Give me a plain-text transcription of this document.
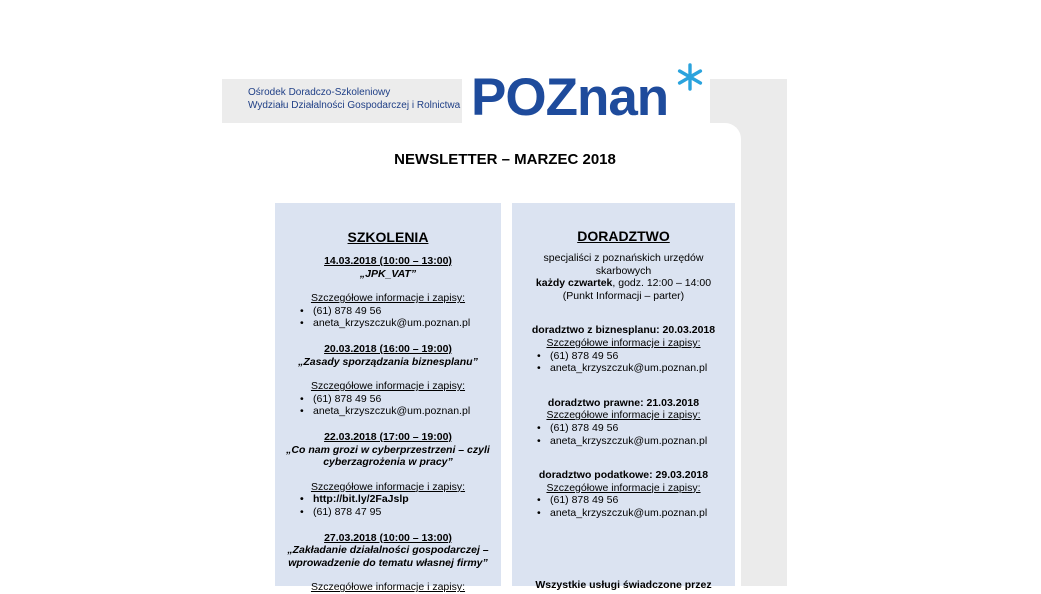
Ośrodek Doradczo-Szkoleniowy
Wydziału Działalności Gospodarczej i Rolnictwa POZnan
NEWSLETTER – MARZEC 2018
SZKOLENIA
14.03.2018 (10:00 – 13:00)
„JPK_VAT”
Szczegółowe informacje i zapisy:
• (61) 878 49 56
• aneta_krzyszczuk@um.poznan.pl
20.03.2018 (16:00 – 19:00)
„Zasady sporządzania biznesplanu”
Szczegółowe informacje i zapisy:
• (61) 878 49 56
• aneta_krzyszczuk@um.poznan.pl
22.03.2018 (17:00 – 19:00)
„Co nam grozi w cyberprzestrzeni – czyli
cyberzagrożenia w pracy”
Szczegółowe informacje i zapisy:
• http://bit.ly/2FaJslp
• (61) 878 47 95
27.03.2018 (10:00 – 13:00)
„Zakładanie działalności gospodarczej –
wprowadzenie do tematu własnej firmy”
Szczegółowe informacje i zapisy:
DORADZTWO
specjaliści z poznańskich urzędów
skarbowych
każdy czwartek, godz. 12:00 – 14:00
(Punkt Informacji – parter)
doradztwo z biznesplanu: 20.03.2018
Szczegółowe informacje i zapisy:
• (61) 878 49 56
• aneta_krzyszczuk@um.poznan.pl
doradztwo prawne: 21.03.2018
Szczegółowe informacje i zapisy:
• (61) 878 49 56
• aneta_krzyszczuk@um.poznan.pl
doradztwo podatkowe: 29.03.2018
Szczegółowe informacje i zapisy:
• (61) 878 49 56
• aneta_krzyszczuk@um.poznan.pl
Wszystkie usługi świadczone przez
